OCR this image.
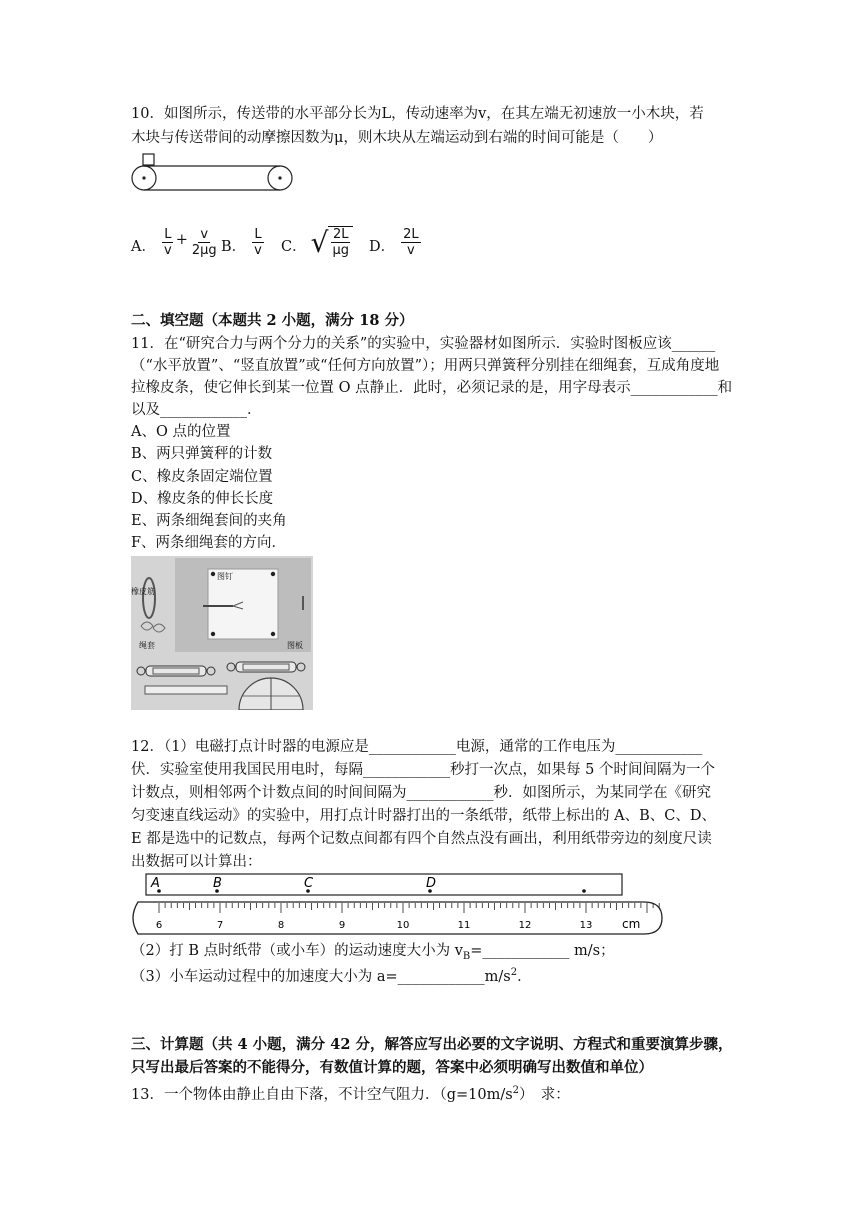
10．如图所示，传送带的水平部分长为L，传动速率为v，在其左端无初速放一小木块，若
木块与传送带间的动摩擦因数为μ，则木块从左端运动到右端的时间可能是（　　）
A． $\frac{L}{v} + \frac{v}{2\mu g}$ B． $\frac{L}{v}$ C． √ $\frac{2L}{\mu g}$ D． $\frac{2L}{v}$
二、填空题（本题共 2 小题，满分 18 分）
11．在“研究合力与两个分力的关系”的实验中，实验器材如图所示．实验时图板应该______
（“水平放置”、“竖直放置”或“任何方向放置”）；用两只弹簧秤分别挂在细绳套，互成角度地
拉橡皮条，使它伸长到某一位置 O 点静止．此时，必须记录的是，用字母表示____________和
以及____________．
A、O 点的位置
B、两只弹簧秤的计数
C、橡皮条固定端位置
D、橡皮条的伸长长度
E、两条细绳套间的夹角
F、两条细绳套的方向．
橡皮筋
图钉
绳套	图板
12．（1）电磁打点计时器的电源应是____________电源，通常的工作电压为____________
伏．实验室使用我国民用电时，每隔____________秒打一次点，如果每 5 个时间间隔为一个
计数点，则相邻两个计数点间的时间间隔为____________秒．如图所示，为某同学在《研究
匀变速直线运动》的实验中，用打点计时器打出的一条纸带，纸带上标出的 A、B、C、D、
E 都是选中的记数点，每两个记数点间都有四个自然点没有画出，利用纸带旁边的刻度尺读
出数据可以计算出：
6	7	8	9	10	11	12	13
A	B	C	D
cm
（2）打 B 点时纸带（或小车）的运动速度大小为 $v_B=\_\_\_\_\_\_\_\_\_\_\_\_$ m/s；
（3）小车运动过程中的加速度大小为 $a=\_\_\_\_\_\_\_\_\_\_\_\_m/s^2$．
三、计算题（共 4 小题，满分 42 分，解答应写出必要的文字说明、方程式和重要演算步骤，
只写出最后答案的不能得分，有数值计算的题，答案中必须明确写出数值和单位）
13．一个物体由静止自由下落，不计空气阻力．$(g=10m/s^2)$　求：
